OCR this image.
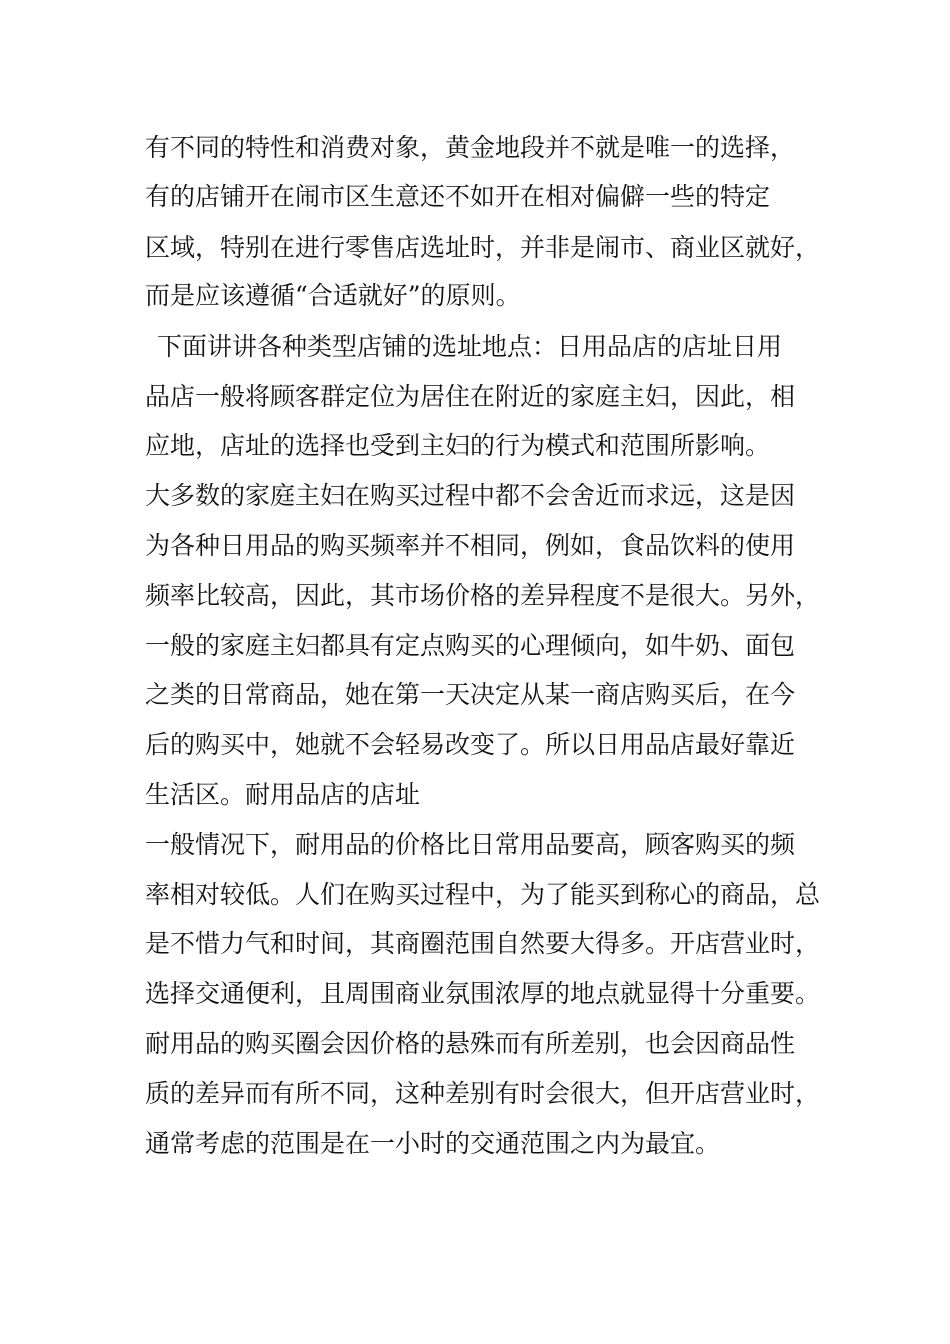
有不同的特性和消费对象，黄金地段并不就是唯一的选择，
有的店铺开在闹市区生意还不如开在相对偏僻一些的特定
区域，特别在进行零售店选址时，并非是闹市、商业区就好，
而是应该遵循“合适就好”的原则。
下面讲讲各种类型店铺的选址地点：日用品店的店址日用
品店一般将顾客群定位为居住在附近的家庭主妇，因此，相
应地，店址的选择也受到主妇的行为模式和范围所影响。
大多数的家庭主妇在购买过程中都不会舍近而求远，这是因
为各种日用品的购买频率并不相同，例如，食品饮料的使用
频率比较高，因此，其市场价格的差异程度不是很大。另外，
一般的家庭主妇都具有定点购买的心理倾向，如牛奶、面包
之类的日常商品，她在第一天决定从某一商店购买后，在今
后的购买中，她就不会轻易改变了。所以日用品店最好靠近
生活区。耐用品店的店址
一般情况下，耐用品的价格比日常用品要高，顾客购买的频
率相对较低。人们在购买过程中，为了能买到称心的商品，总
是不惜力气和时间，其商圈范围自然要大得多。开店营业时，
选择交通便利，且周围商业氛围浓厚的地点就显得十分重要。
耐用品的购买圈会因价格的悬殊而有所差别，也会因商品性
质的差异而有所不同，这种差别有时会很大，但开店营业时，
通常考虑的范围是在一小时的交通范围之内为最宜。
